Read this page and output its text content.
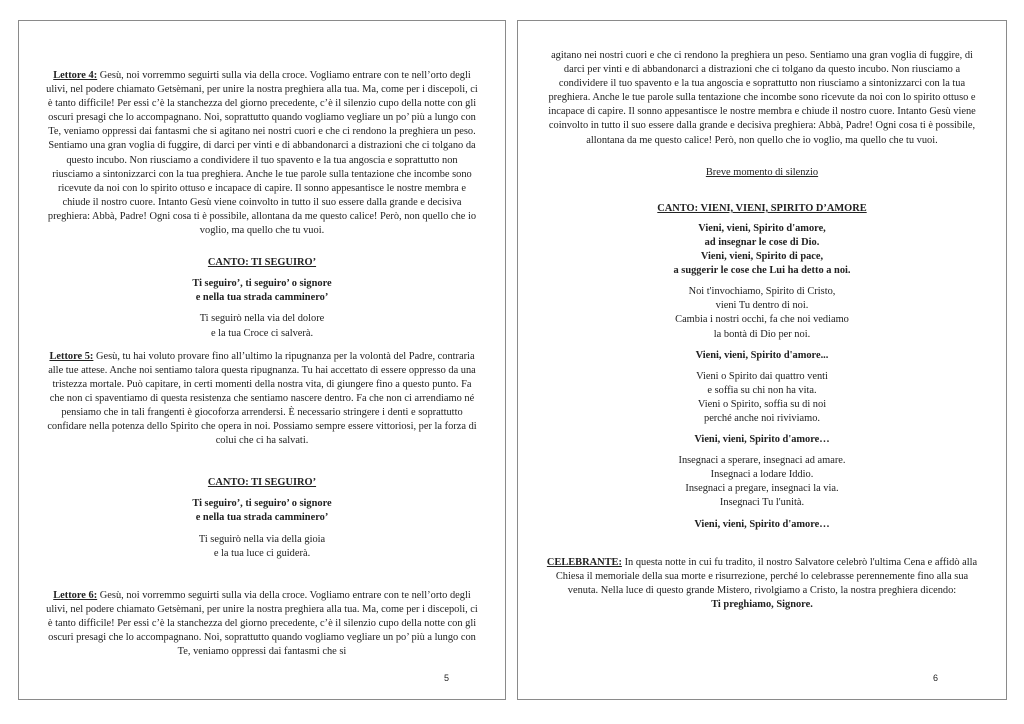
Lettore 4: Gesù, noi vorremmo seguirti sulla via della croce. Vogliamo entrare con te nell’orto degli ulivi, nel podere chiamato Getsèmani, per unire la nostra preghiera alla tua. Ma, come per i discepoli, ci è tanto difficile! Per essi c’è la stanchezza del giorno precedente, c’è il silenzio cupo della notte con gli oscuri presagi che lo accompagnano. Noi, soprattutto quando vogliamo vegliare un po’ più a lungo con Te, veniamo oppressi dai fantasmi che si agitano nei nostri cuori e che ci rendono la preghiera un peso. Sentiamo una gran voglia di fuggire, di darci per vinti e di abbandonarci a distrazioni che ci tolgano da questo incubo. Non riusciamo a condividere il tuo spavento e la tua angoscia e soprattutto non riusciamo a sintonizzarci con la tua preghiera. Anche le tue parole sulla tentazione che incombe sono ricevute da noi con lo spirito ottuso e incapace di capire. Il sonno appesantisce le nostre membra e chiude il nostro cuore. Intanto Gesù viene coinvolto in tutto il suo essere dalla grande e decisiva preghiera: Abbà, Padre! Ogni cosa ti è possibile, allontana da me questo calice! Però, non quello che io voglio, ma quello che tu vuoi.

CANTO: TI SEGUIRO’

Ti seguiro’, ti seguiro’ o signore

e nella tua strada camminero’

Ti seguirò nella via del dolore

e la tua Croce ci salverà.

Lettore 5: Gesù, tu hai voluto provare fino all’ultimo la ripugnanza per la volontà del Padre, contraria alle tue attese. Anche noi sentiamo talora questa ripugnanza. Tu hai accettato di essere oppresso da una tristezza mortale. Può capitare, in certi momenti della nostra vita, di giungere fino a questo punto. Fa che non ci spaventiamo di questa resistenza che sentiamo nascere dentro. Fa che non ci arrendiamo né pensiamo che in tali frangenti è giocoforza arrendersi. È necessario stringere i denti e soprattutto confidare nella potenza dello Spirito che opera in noi. Possiamo sempre essere vittoriosi, per la forza di colui che ci ha salvati.

CANTO: TI SEGUIRO’

Ti seguiro’, ti seguiro’ o signore

e nella tua strada camminero’

Ti seguirò nella via della gioia

e la tua luce ci guiderà.

Lettore 6: Gesù, noi vorremmo seguirti sulla via della croce. Vogliamo entrare con te nell’orto degli ulivi, nel podere chiamato Getsèmani, per unire la nostra preghiera alla tua. Ma, come per i discepoli, ci è tanto difficile! Per essi c’è la stanchezza del giorno precedente, c’è il silenzio cupo della notte con gli oscuri presagi che lo accompagnano. Noi, soprattutto quando vogliamo vegliare un po’ più a lungo con Te, veniamo oppressi dai fantasmi che si

5

agitano nei nostri cuori e che ci rendono la preghiera un peso. Sentiamo una gran voglia di fuggire, di darci per vinti e di abbandonarci a distrazioni che ci tolgano da questo incubo. Non riusciamo a condividere il tuo spavento e la tua angoscia e soprattutto non riusciamo a sintonizzarci con la tua preghiera. Anche le tue parole sulla tentazione che incombe sono ricevute da noi con lo spirito ottuso e incapace di capire. Il sonno appesantisce le nostre membra e chiude il nostro cuore. Intanto Gesù viene coinvolto in tutto il suo essere dalla grande e decisiva preghiera: Abbà, Padre! Ogni cosa ti è possibile, allontana da me questo calice! Però, non quello che io voglio, ma quello che tu vuoi.

Breve momento di silenzio

CANTO: VIENI, VIENI, SPIRITO D’AMORE

Vieni, vieni, Spirito d'amore,

ad insegnar le cose di Dio.

Vieni, vieni, Spirito di pace,

a suggerir le cose che Lui ha detto a noi.

Noi t'invochiamo, Spirito di Cristo,

vieni Tu dentro di noi.

Cambia i nostri occhi, fa che noi vediamo

la bontà di Dio per noi.

Vieni, vieni, Spirito d'amore...

Vieni o Spirito dai quattro venti

e soffia su chi non ha vita.

Vieni o Spirito, soffia su di noi

perché anche noi riviviamo.

Vieni, vieni, Spirito d'amore…

Insegnaci a sperare, insegnaci ad amare.

Insegnaci a lodare Iddio.

Insegnaci a pregare, insegnaci la via.

Insegnaci Tu l'unità.

Vieni, vieni, Spirito d'amore…

CELEBRANTE: In questa notte in cui fu tradito, il nostro Salvatore celebrò l'ultima Cena e affidò alla Chiesa il memoriale della sua morte e risurrezione, perché lo celebrasse perennemente fino alla sua venuta. Nella luce di questo grande Mistero, rivolgiamo a Cristo, la nostra preghiera dicendo:

Ti preghiamo, Signore.

6
